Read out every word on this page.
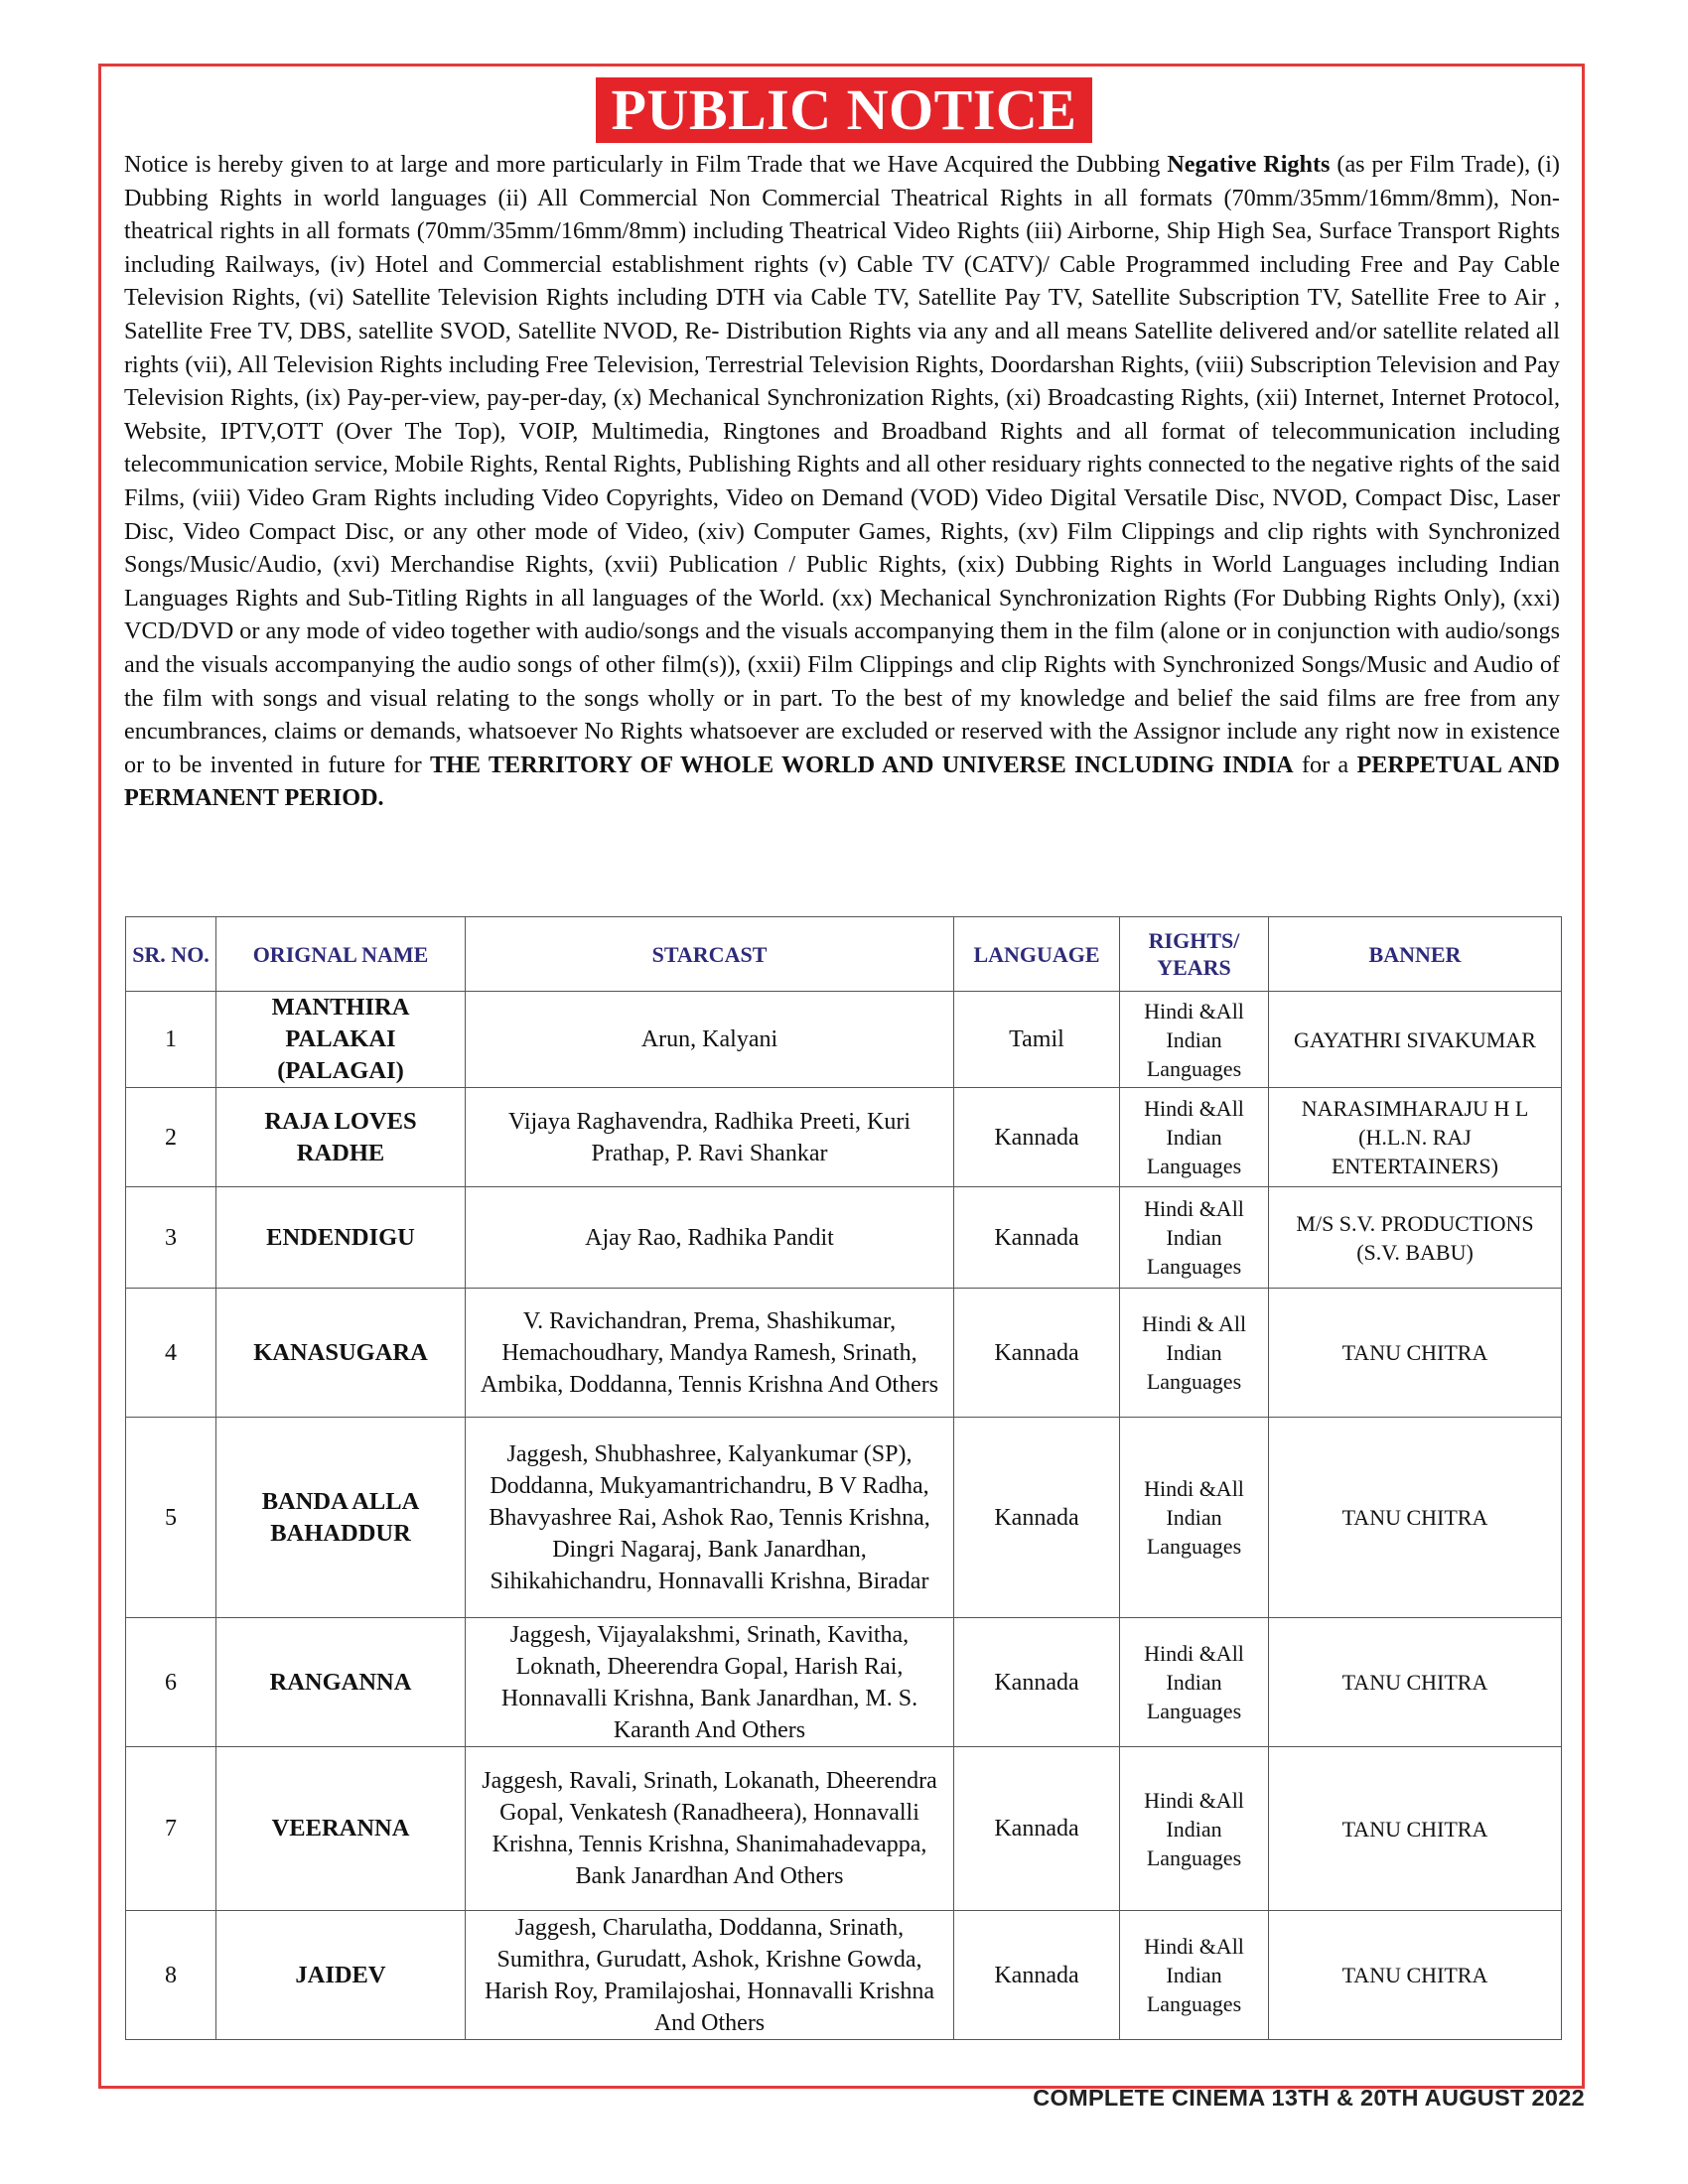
PUBLIC NOTICE

Notice is hereby given to at large and more particularly in Film Trade that we Have Acquired the Dubbing Negative Rights (as per Film Trade), (i) Dubbing Rights in world languages (ii) All Commercial Non Commercial Theatrical Rights in all formats (70mm/35mm/16mm/8mm), Non-theatrical rights in all formats (70mm/35mm/16mm/8mm) including Theatrical Video Rights (iii) Airborne, Ship High Sea, Surface Transport Rights including Railways, (iv) Hotel and Commercial establishment rights (v) Cable TV (CATV)/ Cable Programmed including Free and Pay Cable Television Rights, (vi) Satellite Television Rights including DTH via Cable TV, Satellite Pay TV, Satellite Subscription TV, Satellite Free to Air , Satellite Free TV, DBS, satellite SVOD, Satellite NVOD, Re- Distribution Rights via any and all means Satellite delivered and/or satellite related all rights (vii), All Television Rights including Free Television, Terrestrial Television Rights, Doordarshan Rights, (viii) Subscription Television and Pay Television Rights, (ix) Pay-per-view, pay-per-day, (x) Mechanical Synchronization Rights, (xi) Broadcasting Rights, (xii) Internet, Internet Protocol, Website, IPTV,OTT (Over The Top), VOIP, Multimedia, Ringtones and Broadband Rights and all format of telecommunication including telecommunication service, Mobile Rights, Rental Rights, Publishing Rights and all other residuary rights connected to the negative rights of the said Films, (viii) Video Gram Rights including Video Copyrights, Video on Demand (VOD) Video Digital Versatile Disc, NVOD, Compact Disc, Laser Disc, Video Compact Disc, or any other mode of Video, (xiv) Computer Games, Rights, (xv) Film Clippings and clip rights with Synchronized Songs/Music/Audio, (xvi) Merchandise Rights, (xvii) Publication / Public Rights, (xix) Dubbing Rights in World Languages including Indian Languages Rights and Sub-Titling Rights in all languages of the World. (xx) Mechanical Synchronization Rights (For Dubbing Rights Only), (xxi) VCD/DVD or any mode of video together with audio/songs and the visuals accompanying them in the film (alone or in conjunction with audio/songs and the visuals accompanying the audio songs of other film(s)), (xxii) Film Clippings and clip Rights with Synchronized Songs/Music and Audio of the film with songs and visual relating to the songs wholly or in part. To the best of my knowledge and belief the said films are free from any encumbrances, claims or demands, whatsoever No Rights whatsoever are excluded or reserved with the Assignor include any right now in existence or to be invented in future for THE TERRITORY OF WHOLE WORLD AND UNIVERSE INCLUDING INDIA for a PERPETUAL AND PERMANENT PERIOD.

SR. NO.	ORIGNAL NAME	STARCAST	LANGUAGE	RIGHTS/ YEARS	BANNER
1	MANTHIRA PALAKAI (PALAGAI)	Arun, Kalyani	Tamil	Hindi &All Indian Languages	GAYATHRI SIVAKUMAR
2	RAJA LOVES RADHE	Vijaya Raghavendra, Radhika Preeti, Kuri Prathap, P. Ravi Shankar	Kannada	Hindi &All Indian Languages	NARASIMHARAJU H L (H.L.N. RAJ ENTERTAINERS)
3	ENDENDIGU	Ajay Rao, Radhika Pandit	Kannada	Hindi &All Indian Languages	M/S S.V. PRODUCTIONS (S.V. BABU)
4	KANASUGARA	V. Ravichandran, Prema, Shashikumar, Hemachoudhary, Mandya Ramesh, Srinath, Ambika, Doddanna, Tennis Krishna And Others	Kannada	Hindi & All Indian Languages	TANU CHITRA
5	BANDA ALLA BAHADDUR	Jaggesh, Shubhashree, Kalyankumar (SP), Doddanna, Mukyamantrichandru, B V Radha, Bhavyashree Rai, Ashok Rao, Tennis Krishna, Dingri Nagaraj, Bank Janardhan, Sihikahichandru, Honnavalli Krishna, Biradar	Kannada	Hindi &All Indian Languages	TANU CHITRA
6	RANGANNA	Jaggesh, Vijayalakshmi, Srinath, Kavitha, Loknath, Dheerendra Gopal, Harish Rai, Honnavalli Krishna, Bank Janardhan, M. S. Karanth And Others	Kannada	Hindi &All Indian Languages	TANU CHITRA
7	VEERANNA	Jaggesh, Ravali, Srinath, Lokanath, Dheerendra Gopal, Venkatesh (Ranadheera), Honnavalli Krishna, Tennis Krishna, Shanimahadevappa, Bank Janardhan And Others	Kannada	Hindi &All Indian Languages	TANU CHITRA
8	JAIDEV	Jaggesh, Charulatha, Doddanna, Srinath, Sumithra, Gurudatt, Ashok, Krishne Gowda, Harish Roy, Pramilajoshai, Honnavalli Krishna And Others	Kannada	Hindi &All Indian Languages	TANU CHITRA
COMPLETE CINEMA 13TH & 20TH AUGUST 2022
